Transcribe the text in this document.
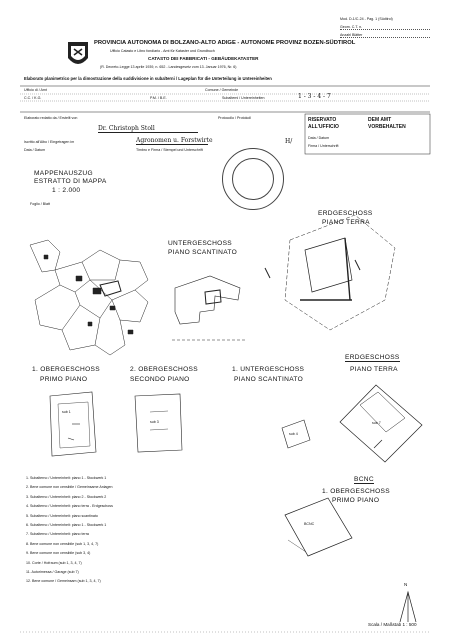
Mod. D-1/C-24 - Pag. 1 (Südtirol)
Geom. C.T. n.
Anzahl Blätter
PROVINCIA AUTONOMA DI BOLZANO-ALTO ADIGE - AUTONOME PROVINZ BOZEN-SÜDTIROL
Ufficio Catasto e Libro fondiario - Amt für Kataster und Grundbuch
CATASTO DEI FABBRICATI - GEBÄUDEKATASTER
(R. Decreto-Legge 13 aprile 1939, n. 652 - Landesgesetz vom 13. Januar 1976, Nr. 6)
Elaborato planimetrico per la dimostrazione della suddivisione in subalterni / Lageplan für die Unterteilung in Untereinheiten
Ufficio di / Amt	Comune / Gemeinde
C.C. / K.G.	P.M. / B.E.	Subalterni / Untereinheiten	1 - 3 - 4 - 7
Elaborato redatto da / Erstellt von
Iscritto all'Albo / Eingetragen im
Data / Datum
Dr. Christoph Stoll
Agronomen u. Forstwirte
Timbro e Firma / Stempel und Unterschrift
Protocollo / Protokoll
H/
RISERVATO ALL'UFFICIO
DEM AMT VORBEHALTEN
Data / Datum
Firma / Unterschrift
MAPPENAUSZUG
ESTRATTO DI MAPPA
1 : 2.000
Foglio / Blatt
UNTERGESCHOSS
PIANO SCANTINATO
ERDGESCHOSS
PIANO TERRA
1. OBERGESCHOSS
PRIMO PIANO
2. OBERGESCHOSS
SECONDO PIANO
1. UNTERGESCHOSS
PIANO SCANTINATO
ERDGESCHOSS
PIANO TERRA
BCNC
1. OBERGESCHOSS
PRIMO PIANO
sub 1
sub 3
sub 4
sub 7
BCNC
1. Subalterno / Untereinheit: piano 1 - Stockwerk 1
2. Bene comune non censibile / Gemeinsame Anlagen
3. Subalterno / Untereinheit: piano 2 - Stockwerk 2
4. Subalterno / Untereinheit: piano terra - Erdgeschoss
5. Subalterno / Untereinheit: piano scantinato
6. Subalterno / Untereinheit: piano 1 - Stockwerk 1
7. Subalterno / Untereinheit: piano terra
8. Bene comune non censibile (sub 1, 3, 4, 7)
9. Bene comune non censibile (sub 3, 4)
10. Corte / Hofraum (sub 1, 3, 4, 7)
11. Autorimessa / Garage (sub 7)
12. Bene comune / Gemeinsam (sub 1, 3, 4, 7)
N
Scala / Maßstab 1 : 500
